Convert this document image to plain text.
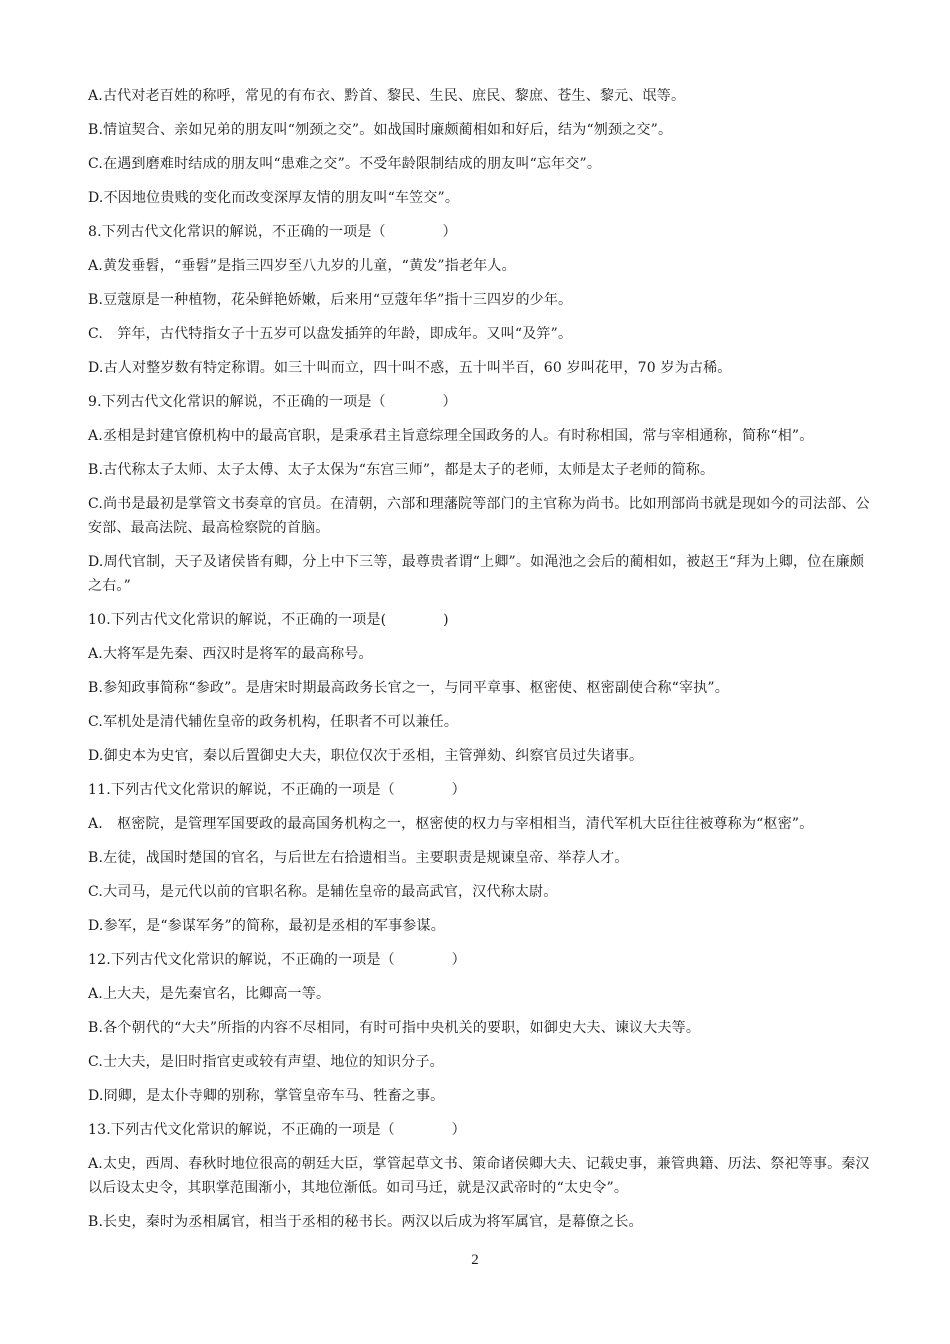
A.古代对老百姓的称呼，常见的有布衣、黔首、黎民、生民、庶民、黎庶、苍生、黎元、氓等。

B.情谊契合、亲如兄弟的朋友叫“刎颈之交”。如战国时廉颇蔺相如和好后，结为“刎颈之交”。

C.在遇到磨难时结成的朋友叫“患难之交”。不受年龄限制结成的朋友叫“忘年交”。

D.不因地位贵贱的变化而改变深厚友情的朋友叫“车笠交”。

8.下列古代文化常识的解说，不正确的一项是（　　　　）

A.黄发垂髫，“垂髫”是指三四岁至八九岁的儿童，“黄发”指老年人。

B.豆蔻原是一种植物，花朵鲜艳娇嫩，后来用“豆蔻年华”指十三四岁的少年。

C.　笄年，古代特指女子十五岁可以盘发插笄的年龄，即成年。又叫“及笄”。

D.古人对整岁数有特定称谓。如三十叫而立，四十叫不惑，五十叫半百，60 岁叫花甲，70 岁为古稀。

9.下列古代文化常识的解说，不正确的一项是（　　　　）

A.丞相是封建官僚机构中的最高官职，是秉承君主旨意综理全国政务的人。有时称相国，常与宰相通称，简称“相”。

B.古代称太子太师、太子太傅、太子太保为“东宫三师”，都是太子的老师，太师是太子老师的简称。

C.尚书是最初是掌管文书奏章的官员。在清朝，六部和理藩院等部门的主官称为尚书。比如刑部尚书就是现如今的司法部、公安部、最高法院、最高检察院的首脑。

D.周代官制，天子及诸侯皆有卿，分上中下三等，最尊贵者谓“上卿”。如渑池之会后的蔺相如，被赵王“拜为上卿，位在廉颇之右。”

10.下列古代文化常识的解说，不正确的一项是(　　　　)

A.大将军是先秦、西汉时是将军的最高称号。

B.参知政事简称“参政”。是唐宋时期最高政务长官之一，与同平章事、枢密使、枢密副使合称“宰执”。

C.军机处是清代辅佐皇帝的政务机构，任职者不可以兼任。

D.御史本为史官，秦以后置御史大夫，职位仅次于丞相，主管弹劾、纠察官员过失诸事。

11.下列古代文化常识的解说，不正确的一项是（　　　　）

A.　枢密院，是管理军国要政的最高国务机构之一，枢密使的权力与宰相相当，清代军机大臣往往被尊称为“枢密”。

B.左徒，战国时楚国的官名，与后世左右拾遗相当。主要职责是规谏皇帝、举荐人才。

C.大司马，是元代以前的官职名称。是辅佐皇帝的最高武官，汉代称太尉。

D.参军，是“参谋军务”的简称，最初是丞相的军事参谋。

12.下列古代文化常识的解说，不正确的一项是（　　　　）

A.上大夫，是先秦官名，比卿高一等。

B.各个朝代的“大夫”所指的内容不尽相同，有时可指中央机关的要职，如御史大夫、谏议大夫等。

C.士大夫，是旧时指官吏或较有声望、地位的知识分子。

D.冏卿，是太仆寺卿的别称，掌管皇帝车马、牲畜之事。

13.下列古代文化常识的解说，不正确的一项是（　　　　）

A.太史，西周、春秋时地位很高的朝廷大臣，掌管起草文书、策命诸侯卿大夫、记载史事，兼管典籍、历法、祭祀等事。秦汉以后设太史令，其职掌范围渐小，其地位渐低。如司马迁，就是汉武帝时的“太史令”。

B.长史，秦时为丞相属官，相当于丞相的秘书长。两汉以后成为将军属官，是幕僚之长。

2
